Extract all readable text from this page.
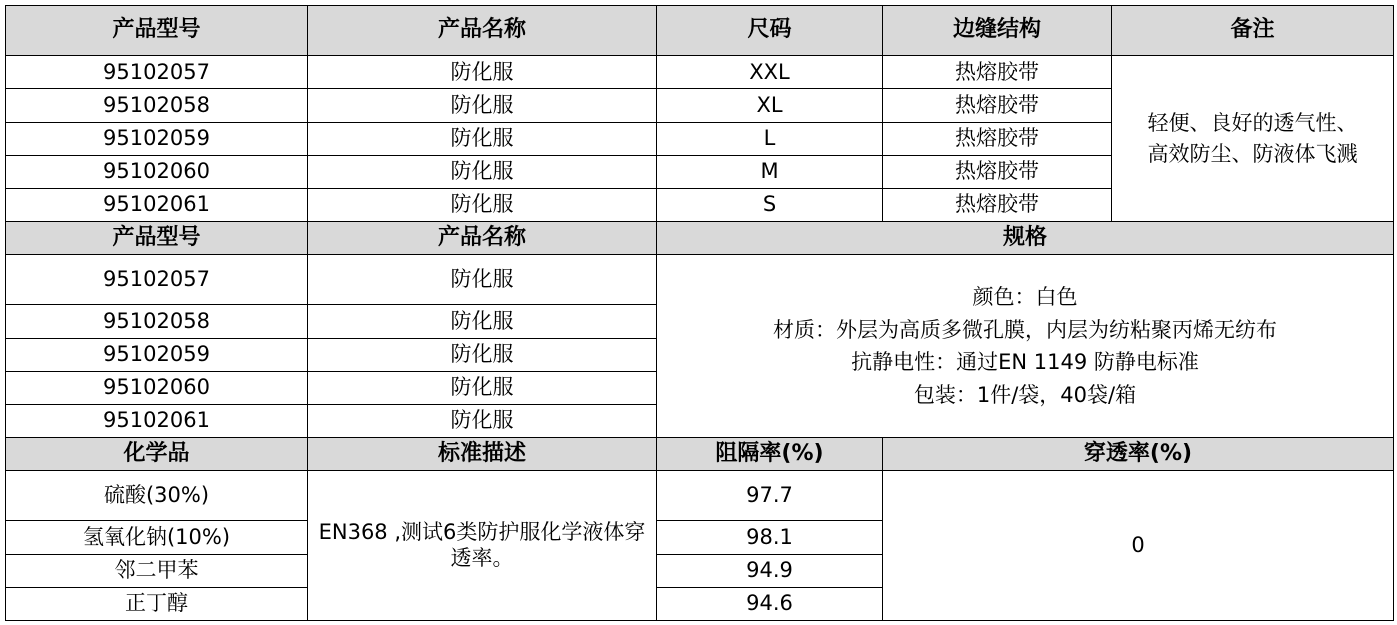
产品型号	产品名称	尺码	边缝结构	备注
95102057	防化服	XXL	热熔胶带	轻便、良好的透气性、
高效防尘、防液体飞溅

95102058	防化服	XL	热熔胶带	
95102059	防化服	L	热熔胶带	
95102060	防化服	M	热熔胶带	
95102061	防化服	S	热熔胶带	
产品型号	产品名称	规格		
95102057	防化服	颜色：白色
材质：外层为高质多微孔膜，内层为纺粘聚丙烯无纺布
抗静电性：通过EN 1149 防静电标准
包装：1件/袋，40袋/箱		

95102058	防化服			
95102059	防化服			
95102060	防化服			
95102061	防化服			
化学品	标准描述	阻隔率(%)	穿透率(%)	
硫酸(30%)	EN368 ,测试6类防护服化学液体穿透率。	97.7	0	
氢氧化钠(10%)		98.1		
邻二甲苯		94.9		
正丁醇		94.6		
